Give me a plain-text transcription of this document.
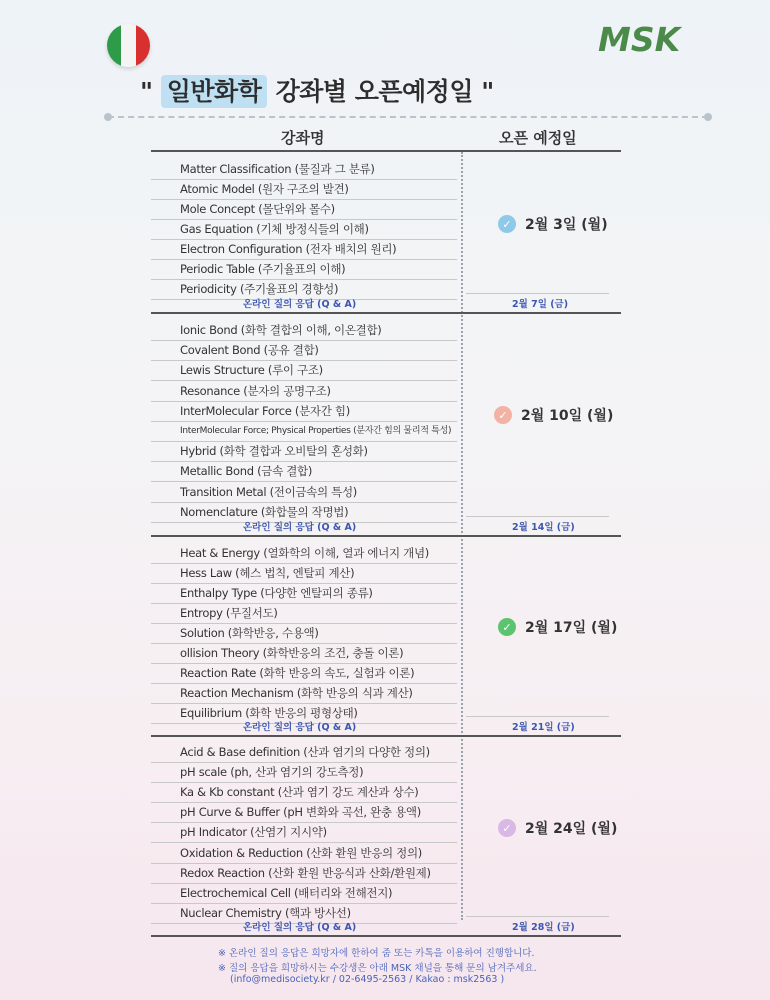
MSK
" 일반화학 강좌별 오픈예정일 "
강좌명	오픈 예정일
Matter Classification (물질과 그 분류)
Atomic Model (원자 구조의 발견)
Mole Concept (몰단위와 몰수)
Gas Equation (기체 방정식들의 이해)
Electron Configuration (전자 배치의 원리)
Periodic Table (주기율표의 이해)
Periodicity (주기율표의 경향성)
✓ 2월 3일 (월)
온라인 질의 응답 (Q & A)	2월 7일 (금)
Ionic Bond (화학 결합의 이해, 이온결합)
Covalent Bond (공유 결합)
Lewis Structure (루이 구조)
Resonance (분자의 공명구조)
InterMolecular Force (분자간 힘)
InterMolecular Force; Physical Properties (분자간 힘의 물리적 특성)
Hybrid (화학 결합과 오비탈의 혼성화)
Metallic Bond (금속 결합)
Transition Metal (전이금속의 특성)
Nomenclature (화합물의 작명법)
✓ 2월 10일 (월)
온라인 질의 응답 (Q & A)	2월 14일 (금)
Heat & Energy (열화학의 이해, 열과 에너지 개념)
Hess Law (헤스 법칙, 엔탈피 계산)
Enthalpy Type (다양한 엔탈피의 종류)
Entropy (무질서도)
Solution (화학반응, 수용액)
ollision Theory (화학반응의 조건, 충돌 이론)
Reaction Rate (화학 반응의 속도, 실험과 이론)
Reaction Mechanism (화학 반응의 식과 계산)
Equilibrium (화학 반응의 평형상태)
✓ 2월 17일 (월)
온라인 질의 응답 (Q & A)	2월 21일 (금)
Acid & Base definition (산과 염기의 다양한 정의)
pH scale (ph, 산과 염기의 강도측정)
Ka & Kb constant (산과 염기 강도 계산과 상수)
pH Curve & Buffer (pH 변화와 곡선, 완충 용액)
pH Indicator (산염기 지시약)
Oxidation & Reduction (산화 환원 반응의 정의)
Redox Reaction (산화 환원 반응식과 산화/환원제)
Electrochemical Cell (배터리와 전해전지)
Nuclear Chemistry (핵과 방사선)
✓ 2월 24일 (월)
온라인 질의 응답 (Q & A)	2월 28일 (금)
※ 온라인 질의 응답은 희망자에 한하여 줌 또는 카톡을 이용하여 진행합니다.
※ 질의 응답을 희망하시는 수강생은 아래 MSK 채널을 통해 문의 남겨주세요.
(info@medisociety.kr / 02-6495-2563 / Kakao : msk2563 )
